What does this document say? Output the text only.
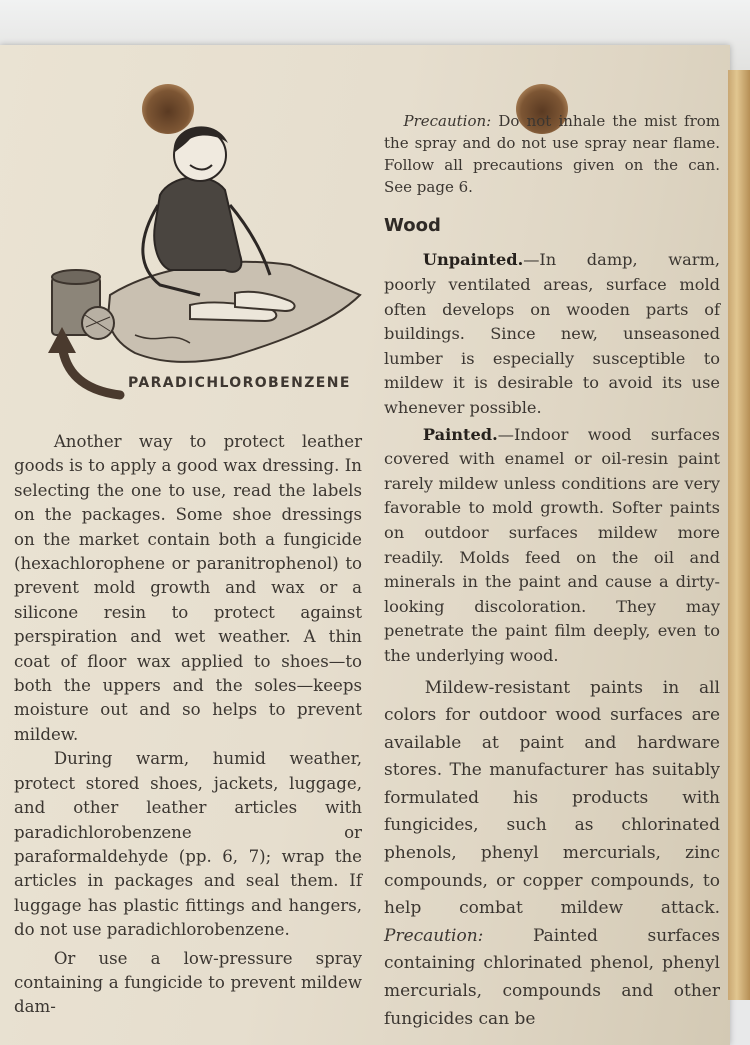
PARADICHLOROBENZENE

Another way to protect leather goods is to apply a good wax dressing. In selecting the one to use, read the labels on the packages. Some shoe dressings on the market contain both a fungicide (hexachlorophene or paranitrophenol) to prevent mold growth and wax or a silicone resin to protect against perspiration and wet weather. A thin coat of floor wax applied to shoes—to both the uppers and the soles—keeps moisture out and so helps to prevent mildew.

During warm, humid weather, protect stored shoes, jackets, luggage, and other leather articles with paradichlorobenzene or paraformaldehyde (pp. 6, 7); wrap the articles in packages and seal them. If luggage has plastic fittings and hangers, do not use paradichlorobenzene.

Or use a low-pressure spray containing a fungicide to prevent mildew dam-

Precaution: Do not inhale the mist from the spray and do not use spray near flame. Follow all precautions given on the can. See page 6.

Wood

Unpainted.—In damp, warm, poorly ventilated areas, surface mold often develops on wooden parts of buildings. Since new, unseasoned lumber is especially susceptible to mildew it is desirable to avoid its use whenever possible.

Painted.—Indoor wood surfaces covered with enamel or oil-resin paint rarely mildew unless conditions are very favorable to mold growth. Softer paints on outdoor surfaces mildew more readily. Molds feed on the oil and minerals in the paint and cause a dirty-looking discoloration. They may penetrate the paint film deeply, even to the underlying wood.

Mildew-resistant paints in all colors for outdoor wood surfaces are available at paint and hardware stores. The manufacturer has suitably formulated his products with fungicides, such as chlorinated phenols, phenyl mercurials, zinc compounds, or copper compounds, to help combat mildew attack. Precaution: Painted surfaces containing chlorinated phenol, phenyl mercurials, compounds and other fungicides can be
